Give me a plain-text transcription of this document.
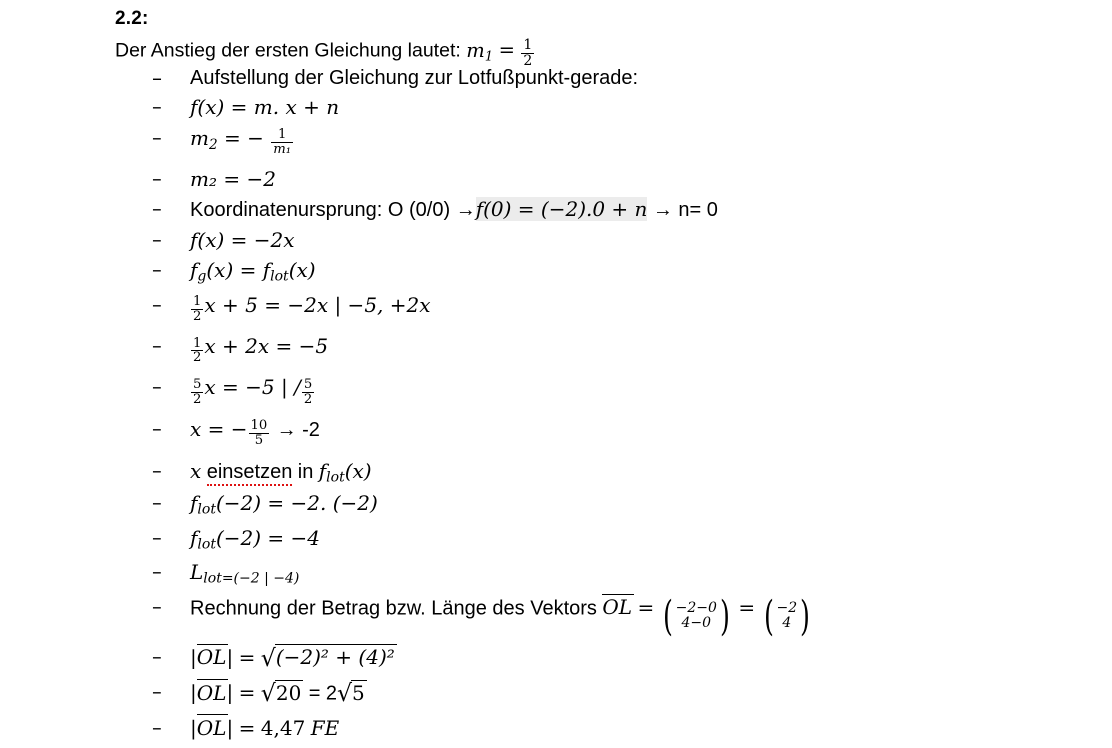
2.2:
Der Anstieg der ersten Gleichung lautet: $m_1 = \frac{1}{2}$
–	Aufstellung der Gleichung zur Lotfußpunkt-gerade:
–	f(x) = m. x + n
–	$m_2$ = − $\frac{1}{\text{m₁}}$
–	m₂ = −2
–	Koordinatenursprung: O (0/0) →f(0) = (−2).0 + n → n= 0
–	f(x) = −2x
–	fg(x) = flot(x)
–	$\frac{1}{2}$ x + 5 = −2x | −5, +2x
–	$\frac{1}{2}$ x + 2x = −5
–	$\frac{5}{2}$ x = −5 | / $\frac{5}{2}$
–	x = − $\frac{10}{5} \to -2$
–	x einsetzen in flot(x)
–	flot(−2) = −2. (−2)
–	flot(−2) = −4
–	Llot=(−2 | −4)
–	Rechnung der Betrag bzw. Länge des Vektors OL = ( −2−0
4−0 ) = ( −2
4 )
–	|OL| = √(−2)² + (4)²
–	|OL| = √20 = 2√5
–	|OL| = 4,47 FE
